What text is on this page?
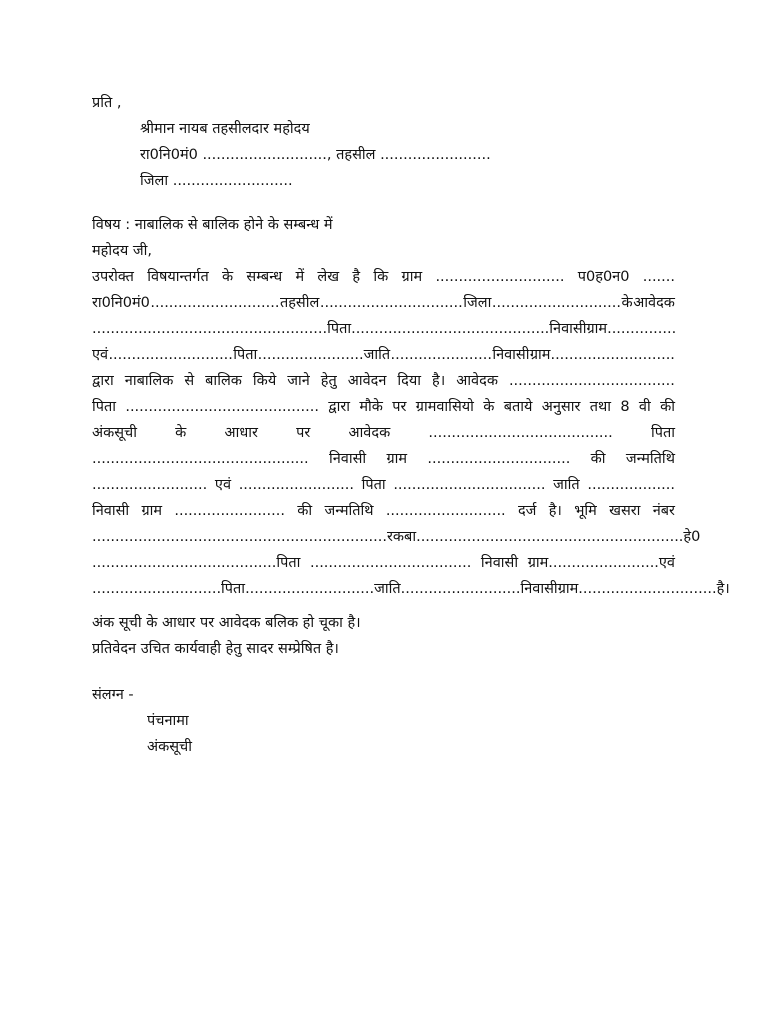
प्रति ,
श्रीमान नायब तहसीलदार महोदय
रा0नि0मं0 ..........................., तहसील ........................
जिला ..........................
विषय : नाबालिक से बालिक होने के सम्बन्ध में
महोदय जी,
उपरोक्त विषयान्तर्गत के सम्बन्ध में लेख है कि ग्राम ............................ प0ह0न0 .......
रा0नि0मं0 ............................ तहसील ............................... जिला ............................ के आवेदक
................................................... पिता ........................................... निवासी ग्राम ...............
एवं ........................... पिता .......................जाति ...................... निवासी ग्राम...........................
द्वारा नाबालिक से बालिक किये जाने हेतु आवेदन दिया है। आवेदक ....................................
पिता .......................................... द्वारा मौके पर ग्रामवासियो के बताये अनुसार तथा 8 वी की
अंकसूची	के	आधार	पर	आवेदक	........................................	पिता
............................................... निवासी ग्राम ............................... की जन्मतिथि
......................... एवं ......................... पिता ................................. जाति ...................
निवासी ग्राम ........................ की जन्मतिथि .......................... दर्ज है। भूमि खसरा नंबर
................................................................ रकबा..........................................................हे0
........................................पिता ................................... निवासी ग्राम........................एवं
............................पिता............................जाति..........................निवासी ग्राम..............................है।
अंक सूची के आधार पर आवेदक बलिक हो चूका है।
प्रतिवेदन उचित कार्यवाही हेतु सादर सम्प्रेषित है।
संलग्न -
पंचनामा
अंकसूची
